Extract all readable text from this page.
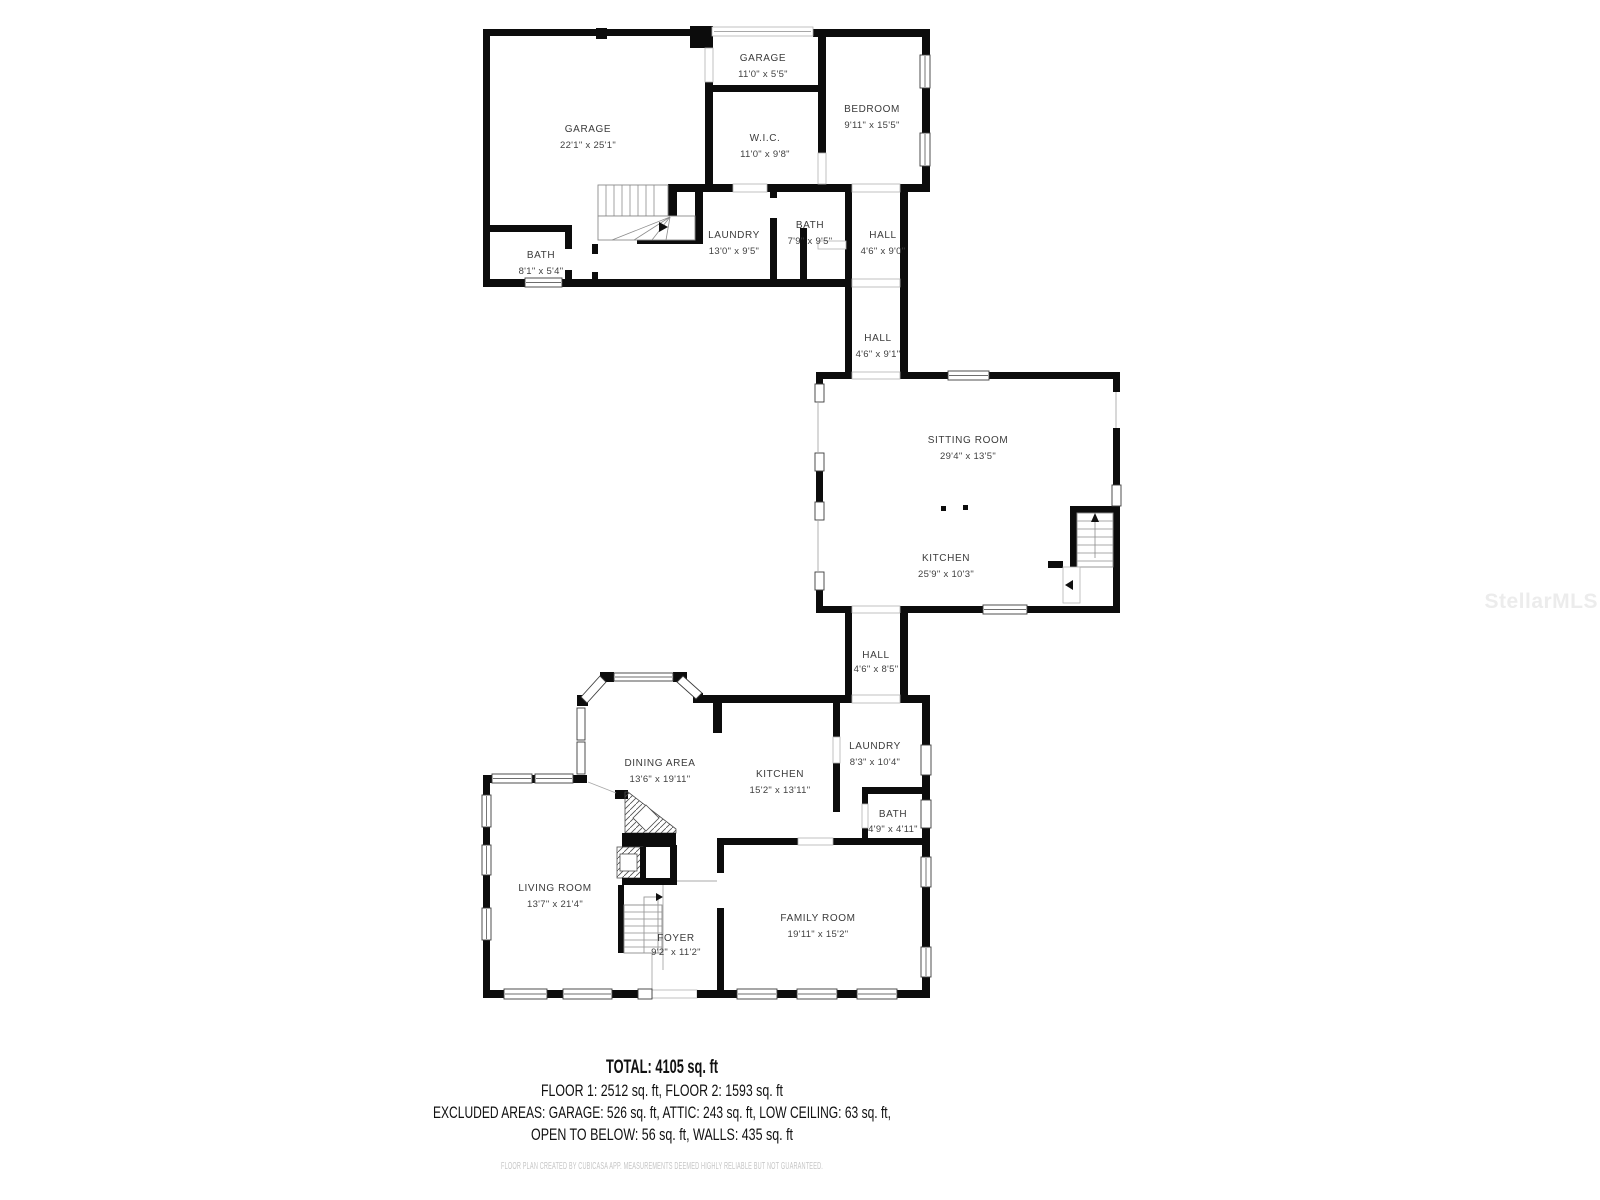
GARAGE
22'1" x 25'1"
GARAGE
11'0" x 5'5"
W.I.C.
11'0" x 9'8"
BEDROOM
9'11" x 15'5"
BATH
8'1" x 5'4"
LAUNDRY
13'0" x 9'5"
BATH
7'9" x 9'5"
HALL
4'6" x 9'0"
HALL
4'6" x 9'1"
SITTING ROOM
29'4" x 13'5"
KITCHEN
25'9" x 10'3"
HALL
4'6" x 8'5"
DINING AREA
13'6" x 19'11"	KITCHEN
15'2" x 13'11"
LAUNDRY
8'3" x 10'4"
BATH
4'9" x 4'11"
LIVING ROOM
13'7" x 21'4"
FOYER
9'2" x 11'2"
FAMILY ROOM
19'11" x 15'2"
StellarMLS
TOTAL: 4105 sq. ft
FLOOR 1: 2512 sq. ft, FLOOR 2: 1593 sq. ft
EXCLUDED AREAS: GARAGE: 526 sq. ft, ATTIC: 243 sq. ft, LOW CEILING: 63 sq. ft,
OPEN TO BELOW: 56 sq. ft, WALLS: 435 sq. ft
FLOOR PLAN CREATED BY CUBICASA APP. MEASUREMENTS DEEMED HIGHLY RELIABLE BUT NOT GUARANTEED.
